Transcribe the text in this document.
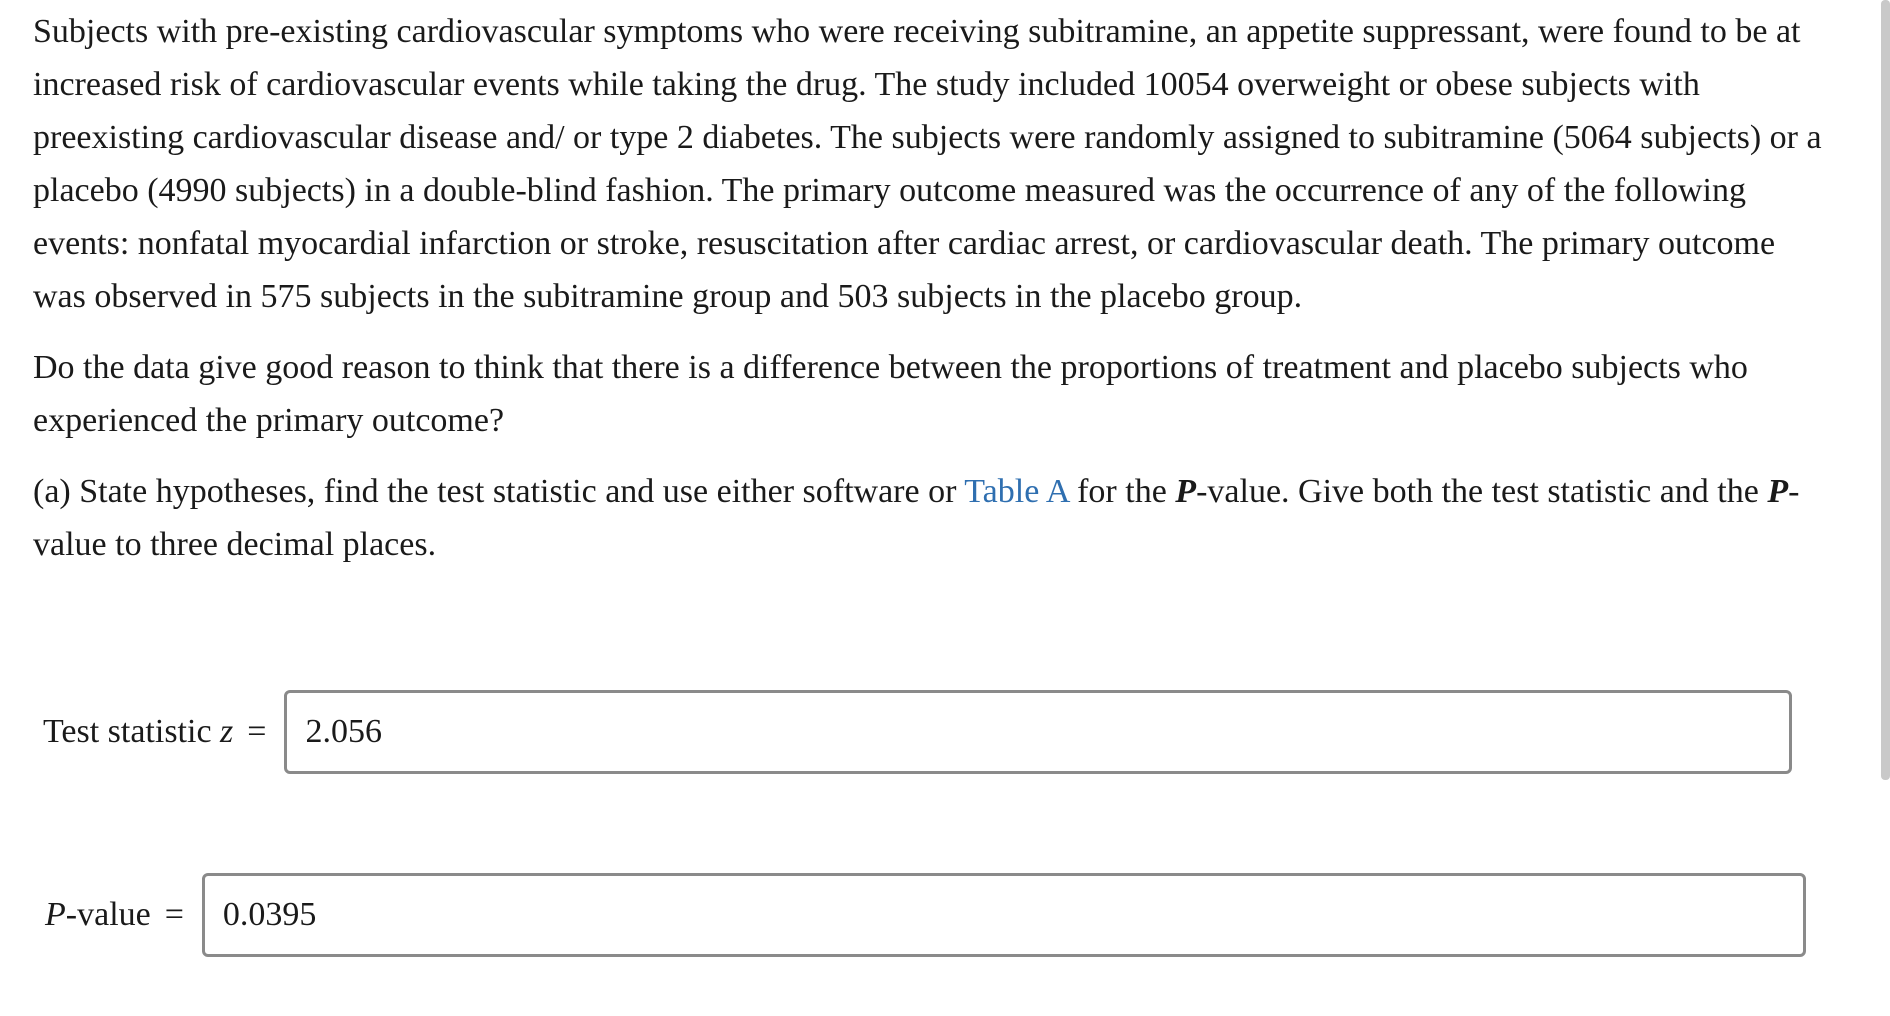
Subjects with pre-existing cardiovascular symptoms who were receiving subitramine, an appetite suppressant, were found to be at increased risk of cardiovascular events while taking the drug. The study included 10054 overweight or obese subjects with preexisting cardiovascular disease and/ or type 2 diabetes. The subjects were randomly assigned to subitramine (5064 subjects) or a placebo (4990 subjects) in a double-blind fashion. The primary outcome measured was the occurrence of any of the following events: nonfatal myocardial infarction or stroke, resuscitation after cardiac arrest, or cardiovascular death. The primary outcome was observed in 575 subjects in the subitramine group and 503 subjects in the placebo group.

Do the data give good reason to think that there is a difference between the proportions of treatment and placebo subjects who experienced the primary outcome?

(a) State hypotheses, find the test statistic and use either software or Table A for the P-value. Give both the test statistic and the P-value to three decimal places.

Test statistic z =	2.056
P-value =	0.0395
